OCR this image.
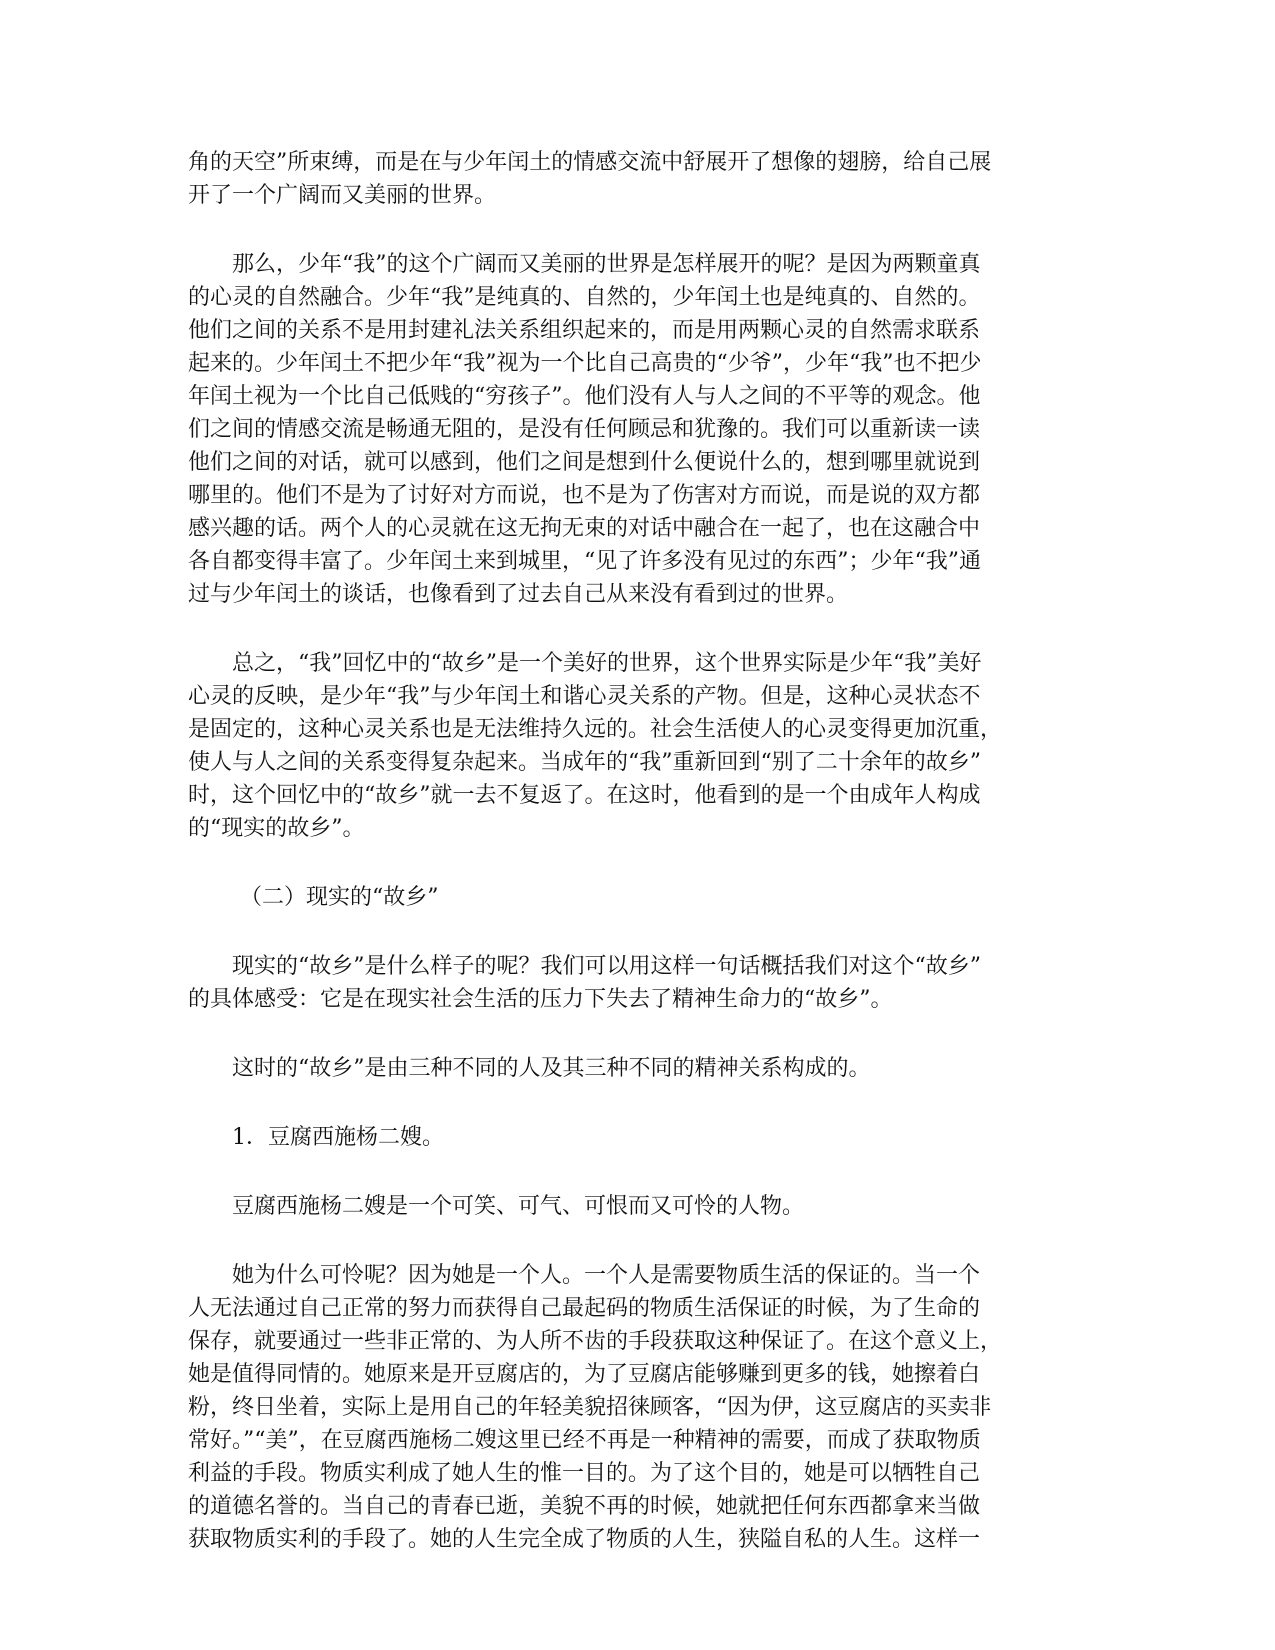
角的天空”所束缚，而是在与少年闰土的情感交流中舒展开了想像的翅膀，给自己展
开了一个广阔而又美丽的世界。
那么，少年“我”的这个广阔而又美丽的世界是怎样展开的呢？是因为两颗童真
的心灵的自然融合。少年“我”是纯真的、自然的，少年闰土也是纯真的、自然的。
他们之间的关系不是用封建礼法关系组织起来的，而是用两颗心灵的自然需求联系
起来的。少年闰土不把少年“我”视为一个比自己高贵的“少爷”，少年“我”也不把少
年闰土视为一个比自己低贱的“穷孩子”。他们没有人与人之间的不平等的观念。他
们之间的情感交流是畅通无阻的，是没有任何顾忌和犹豫的。我们可以重新读一读
他们之间的对话，就可以感到，他们之间是想到什么便说什么的，想到哪里就说到
哪里的。他们不是为了讨好对方而说，也不是为了伤害对方而说，而是说的双方都
感兴趣的话。两个人的心灵就在这无拘无束的对话中融合在一起了，也在这融合中
各自都变得丰富了。少年闰土来到城里，“见了许多没有见过的东西”；少年“我”通
过与少年闰土的谈话，也像看到了过去自己从来没有看到过的世界。
总之，“我”回忆中的“故乡”是一个美好的世界，这个世界实际是少年“我”美好
心灵的反映，是少年“我”与少年闰土和谐心灵关系的产物。但是，这种心灵状态不
是固定的，这种心灵关系也是无法维持久远的。社会生活使人的心灵变得更加沉重，
使人与人之间的关系变得复杂起来。当成年的“我”重新回到“别了二十余年的故乡”
时，这个回忆中的“故乡”就一去不复返了。在这时，他看到的是一个由成年人构成
的“现实的故乡”。
（二）现实的“故乡”
现实的“故乡”是什么样子的呢？我们可以用这样一句话概括我们对这个“故乡”
的具体感受：它是在现实社会生活的压力下失去了精神生命力的“故乡”。
这时的“故乡”是由三种不同的人及其三种不同的精神关系构成的。
1．豆腐西施杨二嫂。
豆腐西施杨二嫂是一个可笑、可气、可恨而又可怜的人物。
她为什么可怜呢？因为她是一个人。一个人是需要物质生活的保证的。当一个
人无法通过自己正常的努力而获得自己最起码的物质生活保证的时候，为了生命的
保存，就要通过一些非正常的、为人所不齿的手段获取这种保证了。在这个意义上，
她是值得同情的。她原来是开豆腐店的，为了豆腐店能够赚到更多的钱，她擦着白
粉，终日坐着，实际上是用自己的年轻美貌招徕顾客，“因为伊，这豆腐店的买卖非
常好。”“美”，在豆腐西施杨二嫂这里已经不再是一种精神的需要，而成了获取物质
利益的手段。物质实利成了她人生的惟一目的。为了这个目的，她是可以牺牲自己
的道德名誉的。当自己的青春已逝，美貌不再的时候，她就把任何东西都拿来当做
获取物质实利的手段了。她的人生完全成了物质的人生，狭隘自私的人生。这样一
